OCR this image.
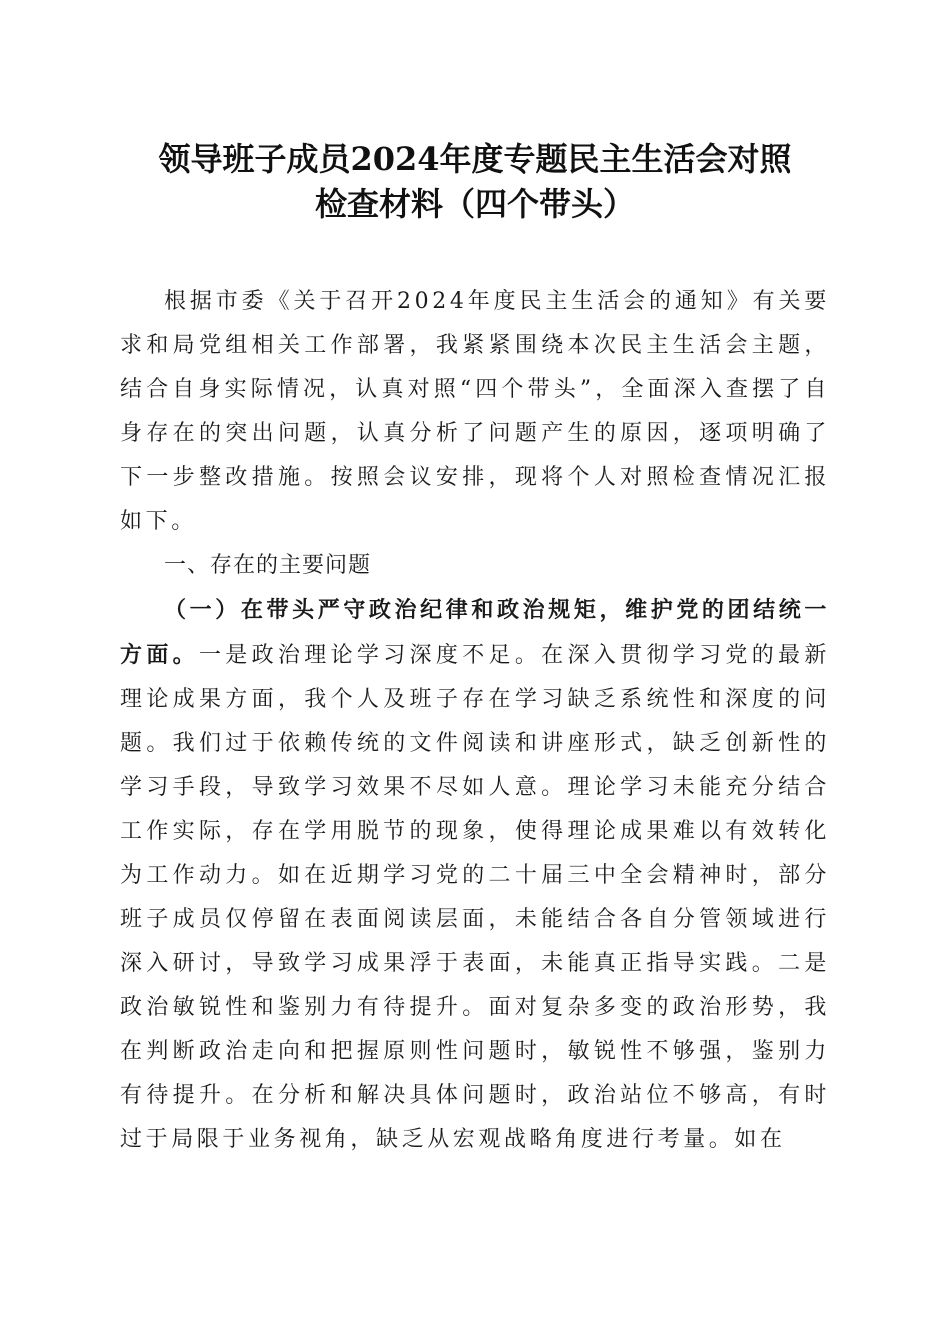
领导班子成员2024年度专题民主生活会对照
检查材料（四个带头）

根据市委《关于召开2024年度民主生活会的通知》有关要求和局党组相关工作部署，我紧紧围绕本次民主生活会主题，结合自身实际情况，认真对照“四个带头”，全面深入查摆了自身存在的突出问题，认真分析了问题产生的原因，逐项明确了下一步整改措施。按照会议安排，现将个人对照检查情况汇报如下。

一、存在的主要问题

（一）在带头严守政治纪律和政治规矩，维护党的团结统一方面。一是政治理论学习深度不足。在深入贯彻学习党的最新理论成果方面，我个人及班子存在学习缺乏系统性和深度的问题。我们过于依赖传统的文件阅读和讲座形式，缺乏创新性的学习手段，导致学习效果不尽如人意。理论学习未能充分结合工作实际，存在学用脱节的现象，使得理论成果难以有效转化为工作动力。如在近期学习党的二十届三中全会精神时，部分班子成员仅停留在表面阅读层面，未能结合各自分管领域进行深入研讨，导致学习成果浮于表面，未能真正指导实践。二是政治敏锐性和鉴别力有待提升。面对复杂多变的政治形势，我在判断政治走向和把握原则性问题时，敏锐性不够强，鉴别力有待提升。在分析和解决具体问题时，政治站位不够高，有时过于局限于业务视角，缺乏从宏观战略角度进行考量。如在
